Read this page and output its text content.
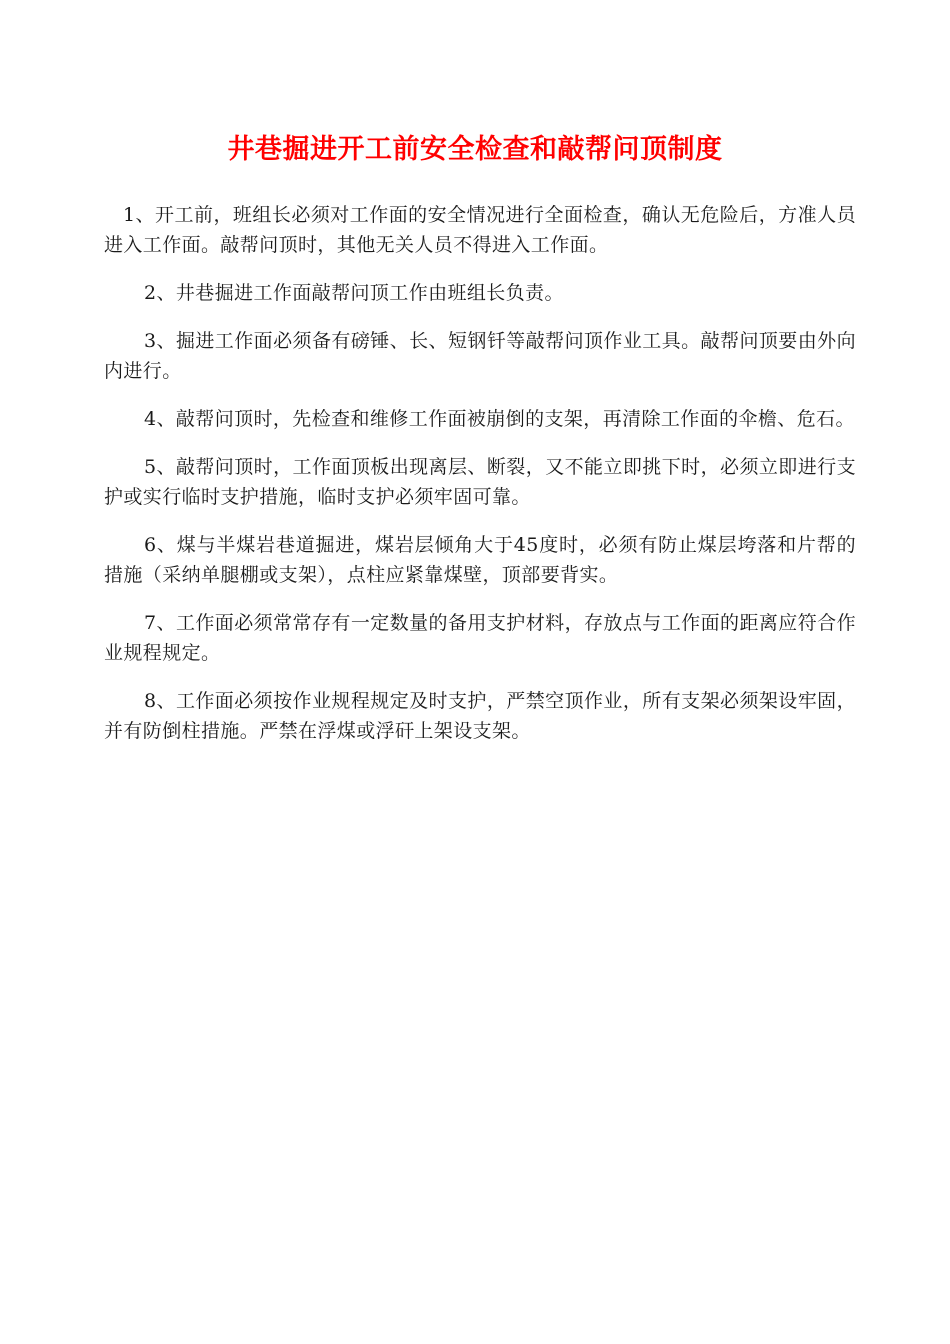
井巷掘进开工前安全检查和敲帮问顶制度

1、开工前，班组长必须对工作面的安全情况进行全面检查，确认无危险后，方准人员进入工作面。敲帮问顶时，其他无关人员不得进入工作面。

2、井巷掘进工作面敲帮问顶工作由班组长负责。

3、掘进工作面必须备有磅锤、长、短钢钎等敲帮问顶作业工具。敲帮问顶要由外向内进行。

4、敲帮问顶时，先检查和维修工作面被崩倒的支架，再清除工作面的伞檐、危石。

5、敲帮问顶时，工作面顶板出现离层、断裂，又不能立即挑下时，必须立即进行支护或实行临时支护措施，临时支护必须牢固可靠。

6、煤与半煤岩巷道掘进，煤岩层倾角大于45度时，必须有防止煤层垮落和片帮的措施（采纳单腿棚或支架），点柱应紧靠煤壁，顶部要背实。

7、工作面必须常常存有一定数量的备用支护材料，存放点与工作面的距离应符合作业规程规定。

8、工作面必须按作业规程规定及时支护，严禁空顶作业，所有支架必须架设牢固，并有防倒柱措施。严禁在浮煤或浮矸上架设支架。
